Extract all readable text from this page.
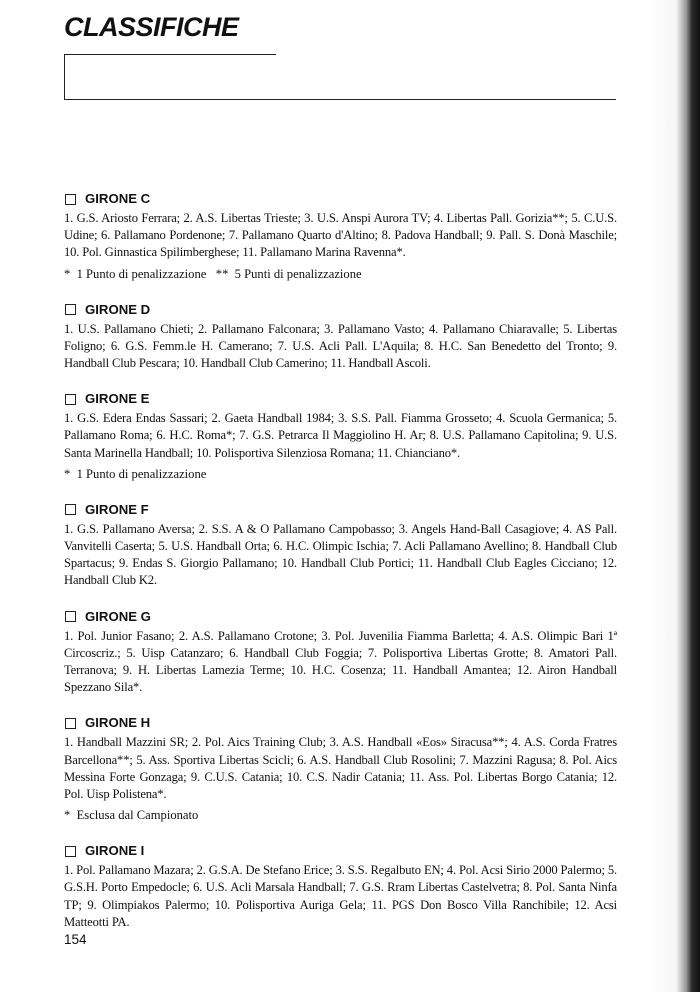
CLASSIFICHE
GIRONE C

1. G.S. Ariosto Ferrara; 2. A.S. Libertas Trieste; 3. U.S. Anspi Aurora TV; 4. Libertas Pall. Gorizia**; 5. C.U.S. Udine; 6. Pallamano Pordenone; 7. Pallamano Quarto d'Altino; 8. Padova Handball; 9. Pall. S. Donà Maschile; 10. Pol. Ginnastica Spilimberghese; 11. Pallamano Marina Ravenna*.

*  1 Punto di penalizzazione   **  5 Punti di penalizzazione
GIRONE D

1. U.S. Pallamano Chieti; 2. Pallamano Falconara; 3. Pallamano Vasto; 4. Pallamano Chiaravalle; 5. Libertas Foligno; 6. G.S. Femm.le H. Camerano; 7. U.S. Acli Pall. L'Aquila; 8. H.C. San Benedetto del Tronto; 9. Handball Club Pescara; 10. Handball Club Camerino; 11. Handball Ascoli.

GIRONE E

1. G.S. Edera Endas Sassari; 2. Gaeta Handball 1984; 3. S.S. Pall. Fiamma Grosseto; 4. Scuola Germanica; 5. Pallamano Roma; 6. H.C. Roma*; 7. G.S. Petrarca Il Maggiolino H. Ar; 8. U.S. Pallamano Capitolina; 9. U.S. Santa Marinella Handball; 10. Polisportiva Silenziosa Romana; 11. Chianciano*.

*  1 Punto di penalizzazione
GIRONE F

1. G.S. Pallamano Aversa; 2. S.S. A & O Pallamano Campobasso; 3. Angels Hand-Ball Casagiove; 4. AS Pall. Vanvitelli Caserta; 5. U.S. Handball Orta; 6. H.C. Olimpic Ischia; 7. Acli Pallamano Avellino; 8. Handball Club Spartacus; 9. Endas S. Giorgio Pallamano; 10. Handball Club Portici; 11. Handball Club Eagles Cicciano; 12. Handball Club K2.

GIRONE G

1. Pol. Junior Fasano; 2. A.S. Pallamano Crotone; 3. Pol. Juvenilia Fiamma Barletta; 4. A.S. Olimpic Bari 1ª Circoscriz.; 5. Uisp Catanzaro; 6. Handball Club Foggia; 7. Polisportiva Libertas Grotte; 8. Amatori Pall. Terranova; 9. H. Libertas Lamezia Terme; 10. H.C. Cosenza; 11. Handball Amantea; 12. Airon Handball Spezzano Sila*.

GIRONE H

1. Handball Mazzini SR; 2. Pol. Aics Training Club; 3. A.S. Handball «Eos» Siracusa**; 4. A.S. Corda Fratres Barcellona**; 5. Ass. Sportiva Libertas Scicli; 6. A.S. Handball Club Rosolini; 7. Mazzini Ragusa; 8. Pol. Aics Messina Forte Gonzaga; 9. C.U.S. Catania; 10. C.S. Nadir Catania; 11. Ass. Pol. Libertas Borgo Catania; 12. Pol. Uisp Polistena*.

*  Esclusa dal Campionato
GIRONE I

1. Pol. Pallamano Mazara; 2. G.S.A. De Stefano Erice; 3. S.S. Regalbuto EN; 4. Pol. Acsi Sirio 2000 Palermo; 5. G.S.H. Porto Empedocle; 6. U.S. Acli Marsala Handball; 7. G.S. Rram Libertas Castelvetra; 8. Pol. Santa Ninfa TP; 9. Olimpiakos Palermo; 10. Polisportiva Auriga Gela; 11. PGS Don Bosco Villa Ranchibile; 12. Acsi Matteotti PA.

154
